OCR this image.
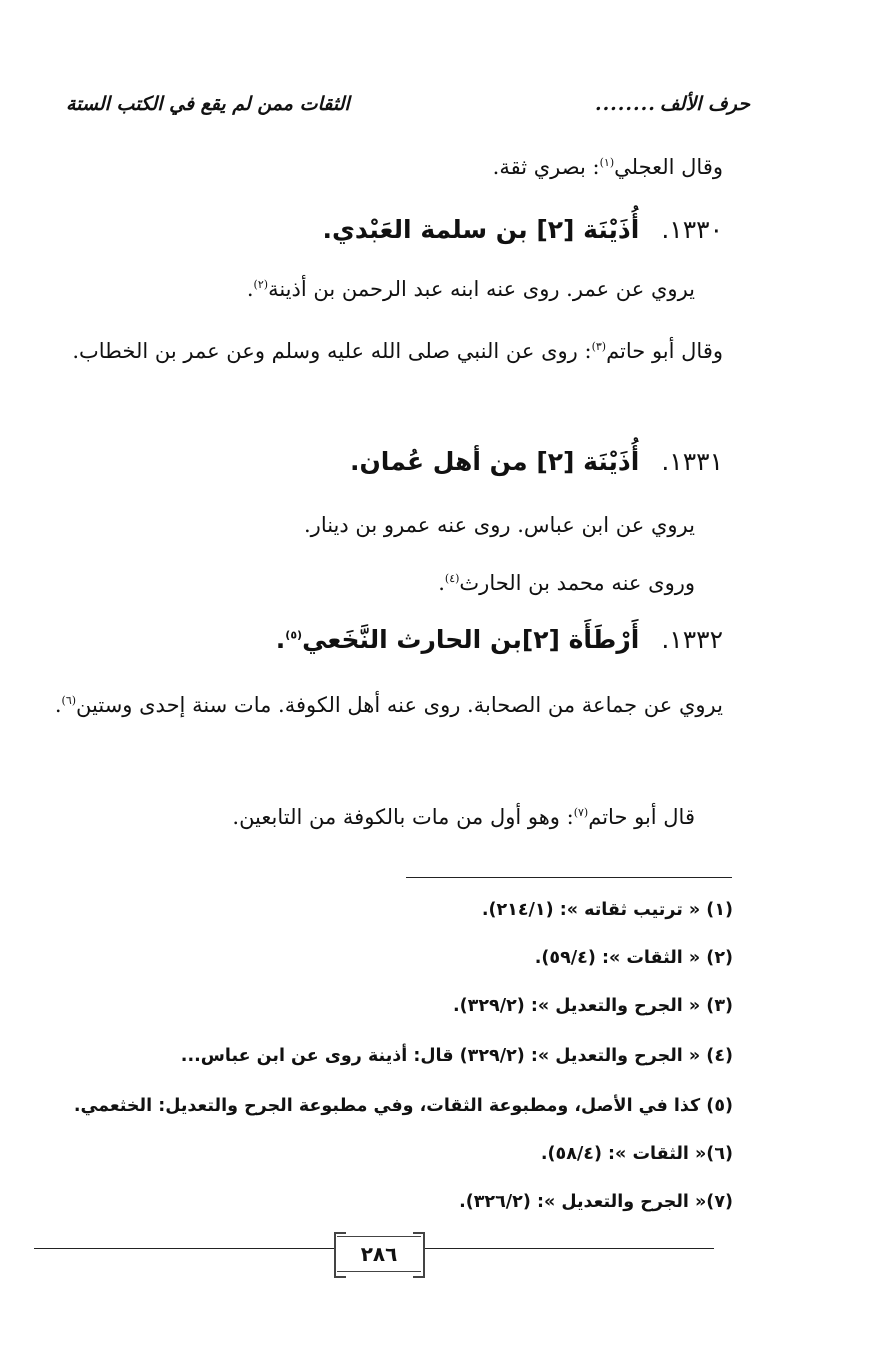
حرف الألف
........
الثقات ممن لم يقع في الكتب الستة
وقال العجلي$^{(١)}$: بصري ثقة.
١٣٣٠.أُذَيْنَة [٢] بن سلمة العَبْدي.
يروي عن عمر. روى عنه ابنه عبد الرحمن بن أذينة$^{(٢)}$.
وقال أبو حاتم$^{(٣)}$: روى عن النبي صلى الله عليه وسلم وعن عمر بن الخطاب.
١٣٣١.أُذَيْنَة [٢] من أهل عُمان.
يروي عن ابن عباس. روى عنه عمرو بن دينار.
وروى عنه محمد بن الحارث$^{(٤)}$.
١٣٣٢.أَرْطَأَة [٢]بن الحارث النَّخَعي$^{(٥)}$.
يروي عن جماعة من الصحابة. روى عنه أهل الكوفة. مات سنة إحدى وستين$^{(٦)}$.
قال أبو حاتم$^{(٧)}$: وهو أول من مات بالكوفة من التابعين.
(١) « ترتيب ثقاته »: (٢١٤/١).
(٢) « الثقات »: (٥٩/٤).
(٣) « الجرح والتعديل »: (٣٢٩/٢).
(٤) « الجرح والتعديل »: (٣٢٩/٢) قال: أذينة روى عن ابن عباس...
(٥) كذا في الأصل، ومطبوعة الثقات، وفي مطبوعة الجرح والتعديل: الخثعمي.
(٦)« الثقات »: (٥٨/٤).
(٧)« الجرح والتعديل »: (٣٢٦/٢).
٢٨٦
